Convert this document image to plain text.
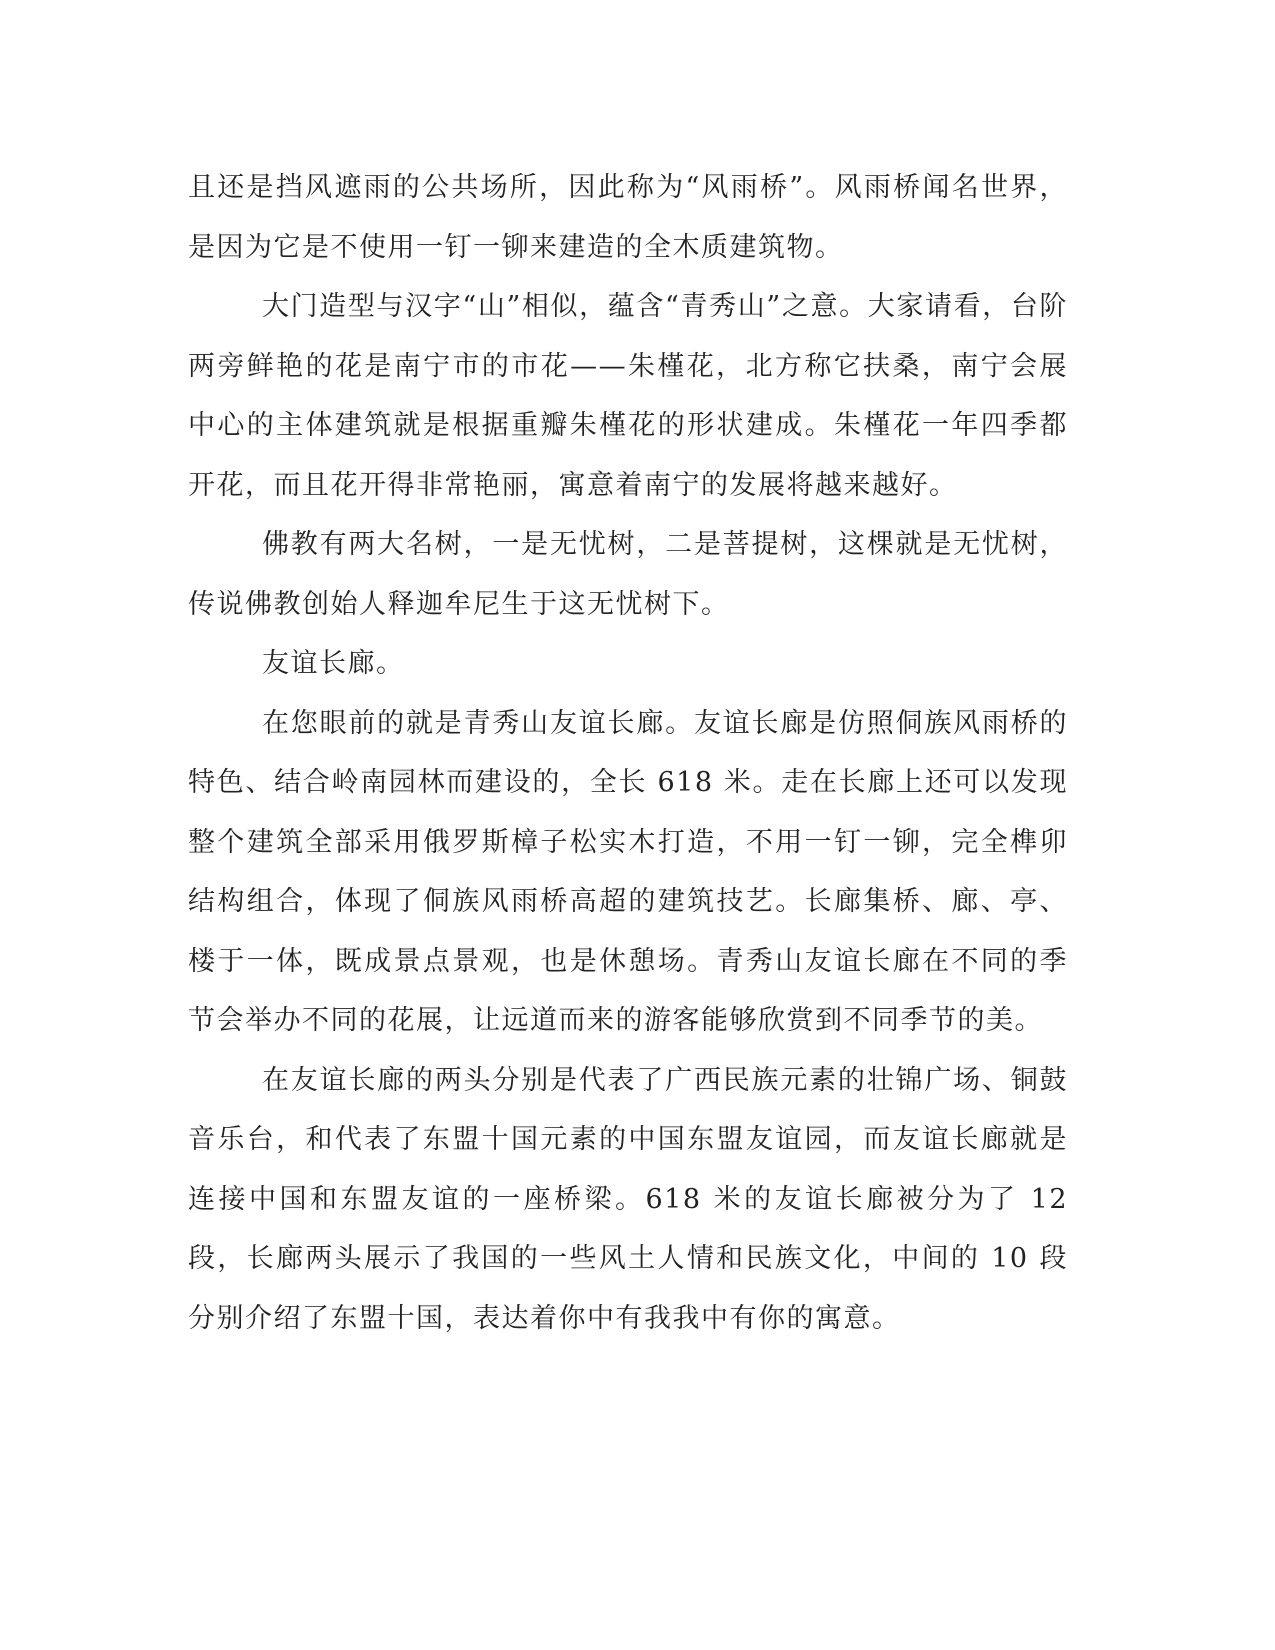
且还是挡风遮雨的公共场所，因此称为“风雨桥”。风雨桥闻名世界，是因为它是不使用一钉一铆来建造的全木质建筑物。

大门造型与汉字“山”相似，蕴含“青秀山”之意。大家请看，台阶两旁鲜艳的花是南宁市的市花——朱槿花，北方称它扶桑，南宁会展中心的主体建筑就是根据重瓣朱槿花的形状建成。朱槿花一年四季都开花，而且花开得非常艳丽，寓意着南宁的发展将越来越好。

佛教有两大名树，一是无忧树，二是菩提树，这棵就是无忧树，传说佛教创始人释迦牟尼生于这无忧树下。

友谊长廊。

在您眼前的就是青秀山友谊长廊。友谊长廊是仿照侗族风雨桥的特色、结合岭南园林而建设的，全长 618 米。走在长廊上还可以发现整个建筑全部采用俄罗斯樟子松实木打造，不用一钉一铆，完全榫卯结构组合，体现了侗族风雨桥高超的建筑技艺。长廊集桥、廊、亭、楼于一体，既成景点景观，也是休憩场。青秀山友谊长廊在不同的季节会举办不同的花展，让远道而来的游客能够欣赏到不同季节的美。

在友谊长廊的两头分别是代表了广西民族元素的壮锦广场、铜鼓音乐台，和代表了东盟十国元素的中国东盟友谊园，而友谊长廊就是连接中国和东盟友谊的一座桥梁。618 米的友谊长廊被分为了 12 段，长廊两头展示了我国的一些风土人情和民族文化，中间的 10 段分别介绍了东盟十国，表达着你中有我我中有你的寓意。
